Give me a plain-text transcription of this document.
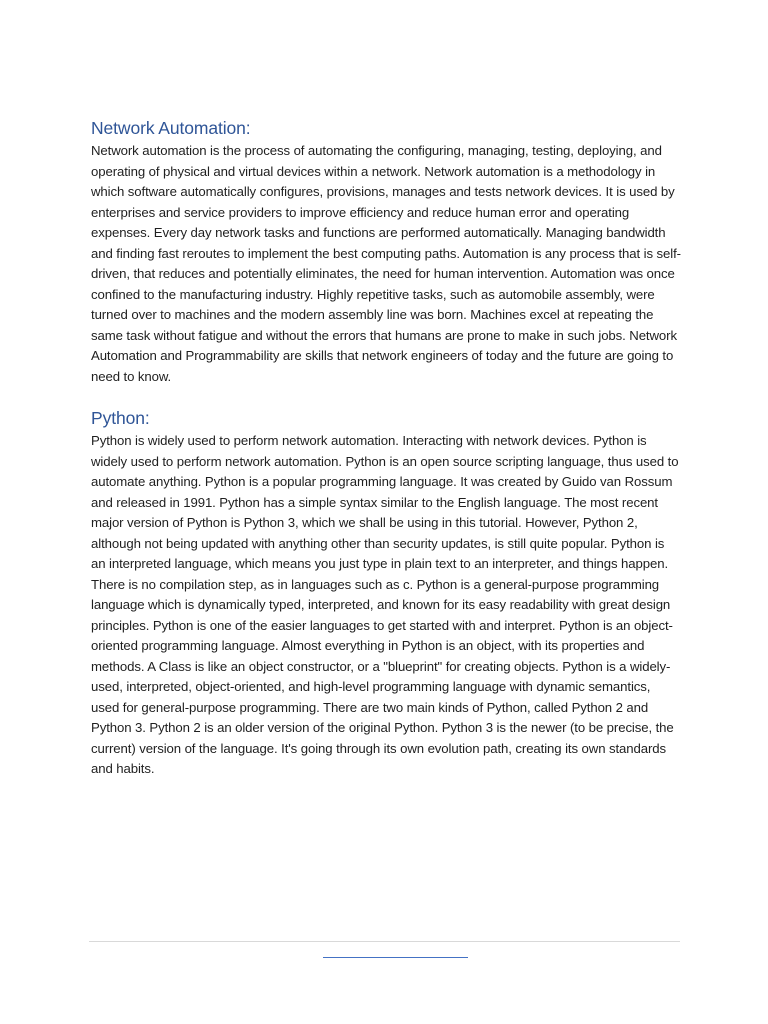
Network Automation:

Network automation is the process of automating the configuring, managing, testing, deploying, and operating of physical and virtual devices within a network. Network automation is a methodology in which software automatically configures, provisions, manages and tests network devices. It is used by enterprises and service providers to improve efficiency and reduce human error and operating expenses. Every day network tasks and functions are performed automatically. Managing bandwidth and finding fast reroutes to implement the best computing paths. Automation is any process that is self-driven, that reduces and potentially eliminates, the need for human intervention. Automation was once confined to the manufacturing industry. Highly repetitive tasks, such as automobile assembly, were turned over to machines and the modern assembly line was born. Machines excel at repeating the same task without fatigue and without the errors that humans are prone to make in such jobs. Network Automation and Programmability are skills that network engineers of today and the future are going to need to know.

Python:

Python is widely used to perform network automation. Interacting with network devices. Python is widely used to perform network automation. Python is an open source scripting language, thus used to automate anything. Python is a popular programming language. It was created by Guido van Rossum and released in 1991. Python has a simple syntax similar to the English language. The most recent major version of Python is Python 3, which we shall be using in this tutorial. However, Python 2, although not being updated with anything other than security updates, is still quite popular. Python is an interpreted language, which means you just type in plain text to an interpreter, and things happen. There is no compilation step, as in languages such as c. Python is a general-purpose programming language which is dynamically typed, interpreted, and known for its easy readability with great design principles. Python is one of the easier languages to get started with and interpret. Python is an object-oriented programming language. Almost everything in Python is an object, with its properties and methods. A Class is like an object constructor, or a "blueprint" for creating objects. Python is a widely-used, interpreted, object-oriented, and high-level programming language with dynamic semantics, used for general-purpose programming. There are two main kinds of Python, called Python 2 and Python 3. Python 2 is an older version of the original Python. Python 3 is the newer (to be precise, the current) version of the language. It's going through its own evolution path, creating its own standards and habits.
